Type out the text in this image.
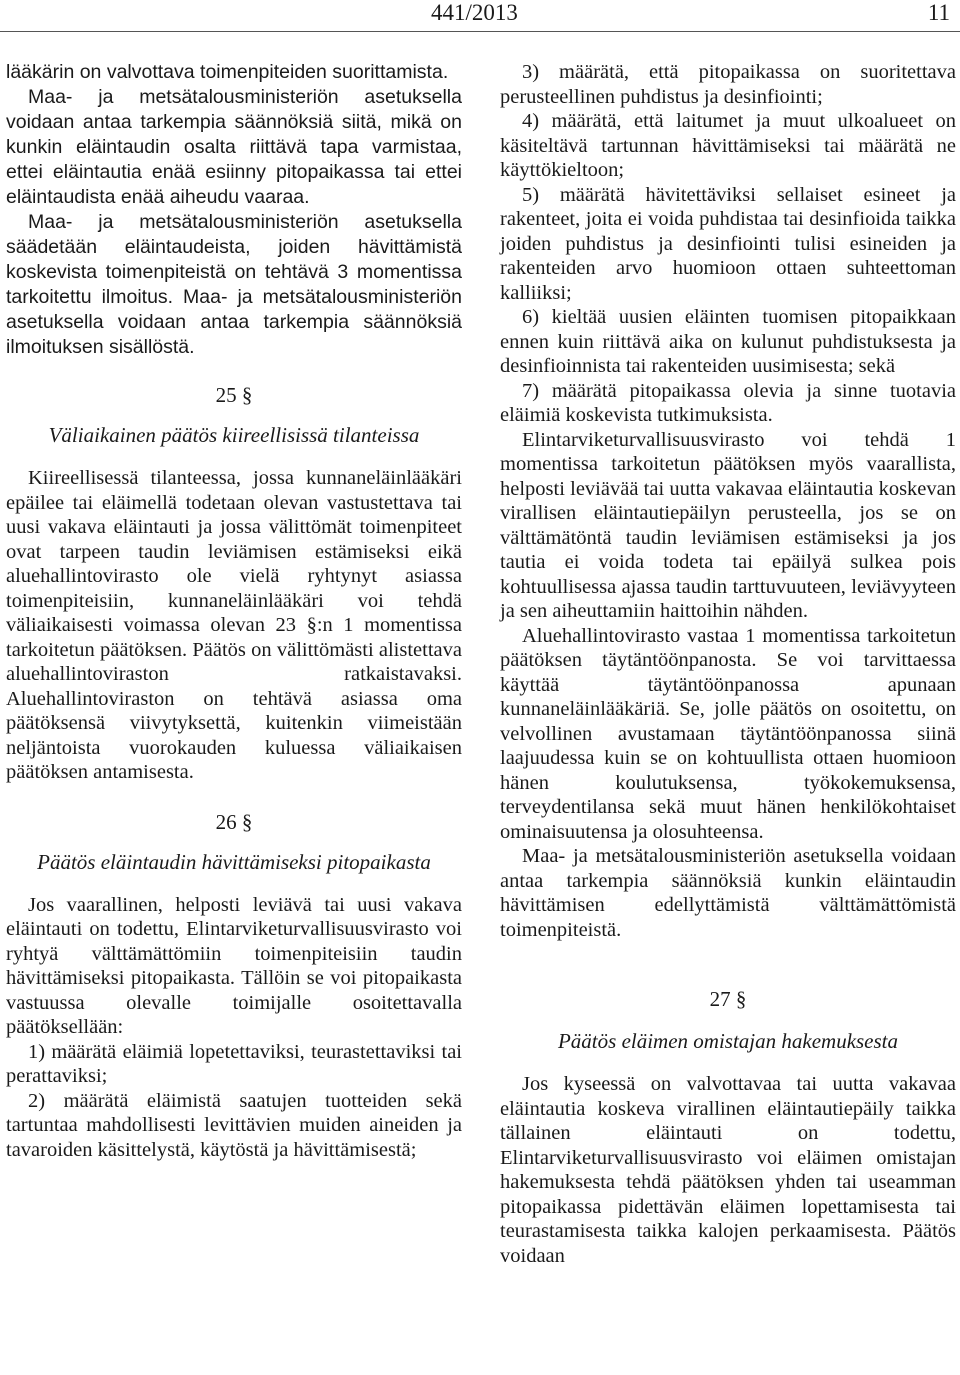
441/2013	11

lääkärin on valvottava toimenpiteiden suorittamista.

Maa- ja metsätalousministeriön asetuksella voidaan antaa tarkempia säännöksiä siitä, mikä on kunkin eläintaudin osalta riittävä tapa varmistaa, ettei eläintautia enää esiinny pitopaikassa tai ettei eläintaudista enää aiheudu vaaraa.

Maa- ja metsätalousministeriön asetuksella säädetään eläintaudeista, joiden hävittämistä koskevista toimenpiteistä on tehtävä 3 momentissa tarkoitettu ilmoitus. Maa- ja metsätalousministeriön asetuksella voidaan antaa tarkempia säännöksiä ilmoituksen sisällöstä.

25 §

Väliaikainen päätös kiireellisissä tilanteissa

Kiireellisessä tilanteessa, jossa kunnaneläinlääkäri epäilee tai eläimellä todetaan olevan vastustettava tai uusi vakava eläintauti ja jossa välittömät toimenpiteet ovat tarpeen taudin leviämisen estämiseksi eikä aluehallintovirasto ole vielä ryhtynyt asiassa toimenpiteisiin, kunnaneläinlääkäri voi tehdä väliaikaisesti voimassa olevan 23 §:n 1 momentissa tarkoitetun päätöksen. Päätös on välittömästi alistettava aluehallintoviraston ratkaistavaksi. Aluehallintoviraston on tehtävä asiassa oma päätöksensä viivytyksettä, kuitenkin viimeistään neljäntoista vuorokauden kuluessa väliaikaisen päätöksen antamisesta.

26 §

Päätös eläintaudin hävittämiseksi pitopaikasta

Jos vaarallinen, helposti leviävä tai uusi vakava eläintauti on todettu, Elintarviketurvallisuusvirasto voi ryhtyä välttämättömiin toimenpiteisiin taudin hävittämiseksi pitopaikasta. Tällöin se voi pitopaikasta vastuussa olevalle toimijalle osoitettavalla päätöksellään:

1) määrätä eläimiä lopetettaviksi, teurastettaviksi tai perattaviksi;

2) määrätä eläimistä saatujen tuotteiden sekä tartuntaa mahdollisesti levittävien muiden aineiden ja tavaroiden käsittelystä, käytöstä ja hävittämisestä;

3) määrätä, että pitopaikassa on suoritettava perusteellinen puhdistus ja desinfiointi;

4) määrätä, että laitumet ja muut ulkoalueet on käsiteltävä tartunnan hävittämiseksi tai määrätä ne käyttökieltoon;

5) määrätä hävitettäviksi sellaiset esineet ja rakenteet, joita ei voida puhdistaa tai desinfioida taikka joiden puhdistus ja desinfiointi tulisi esineiden ja rakenteiden arvo huomioon ottaen suhteettoman kalliiksi;

6) kieltää uusien eläinten tuomisen pitopaikkaan ennen kuin riittävä aika on kulunut puhdistuksesta ja desinfioinnista tai rakenteiden uusimisesta; sekä

7) määrätä pitopaikassa olevia ja sinne tuotavia eläimiä koskevista tutkimuksista.

Elintarviketurvallisuusvirasto voi tehdä 1 momentissa tarkoitetun päätöksen myös vaarallista, helposti leviävää tai uutta vakavaa eläintautia koskevan virallisen eläintautiepäilyn perusteella, jos se on välttämätöntä taudin leviämisen estämiseksi ja jos tautia ei voida todeta tai epäilyä sulkea pois kohtuullisessa ajassa taudin tarttuvuuteen, leviävyyteen ja sen aiheuttamiin haittoihin nähden.

Aluehallintovirasto vastaa 1 momentissa tarkoitetun päätöksen täytäntöönpanosta. Se voi tarvittaessa käyttää täytäntöönpanossa apunaan kunnaneläinlääkäriä. Se, jolle päätös on osoitettu, on velvollinen avustamaan täytäntöönpanossa siinä laajuudessa kuin se on kohtuullista ottaen huomioon hänen koulutuksensa, työkokemuksensa, terveydentilansa sekä muut hänen henkilökohtaiset ominaisuutensa ja olosuhteensa.

Maa- ja metsätalousministeriön asetuksella voidaan antaa tarkempia säännöksiä kunkin eläintaudin hävittämisen edellyttämistä välttämättömistä toimenpiteistä.

27 §

Päätös eläimen omistajan hakemuksesta

Jos kyseessä on valvottavaa tai uutta vakavaa eläintautia koskeva virallinen eläintautiepäily taikka tällainen eläintauti on todettu, Elintarviketurvallisuusvirasto voi eläimen omistajan hakemuksesta tehdä päätöksen yhden tai useamman pitopaikassa pidettävän eläimen lopettamisesta tai teurastamisesta taikka kalojen perkaamisesta. Päätös voidaan
